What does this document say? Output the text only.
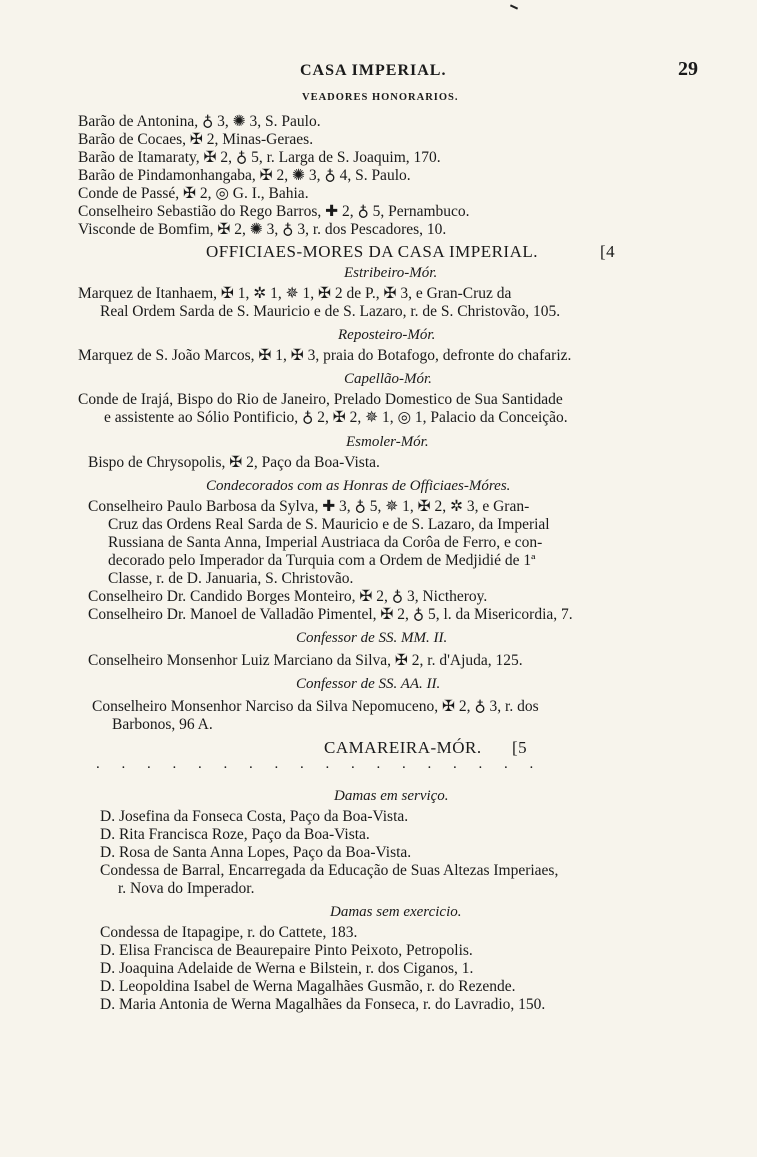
CASA IMPERIAL.	29
VEADORES HONORARIOS.
Barão de Antonina, ♁ 3, ✺ 3, S. Paulo.
Barão de Cocaes, ✠ 2, Minas-Geraes.
Barão de Itamaraty, ✠ 2, ♁ 5, r. Larga de S. Joaquim, 170.
Barão de Pindamonhangaba, ✠ 2, ✺ 3, ♁ 4, S. Paulo.
Conde de Passé, ✠ 2, ◎ G. I., Bahia.
Conselheiro Sebastião do Rego Barros, ✚ 2, ♁ 5, Pernambuco.
Visconde de Bomfim, ✠ 2, ✺ 3, ♁ 3, r. dos Pescadores, 10.
OFFICIAES-MORES DA CASA IMPERIAL.	[4
Estribeiro-Mór.
Marquez de Itanhaem, ✠ 1, ✲ 1, ✵ 1, ✠ 2 de P., ✠ 3, e Gran-Cruz da
Real Ordem Sarda de S. Mauricio e de S. Lazaro, r. de S. Christovão, 105.
Reposteiro-Mór.
Marquez de S. João Marcos, ✠ 1, ✠ 3, praia do Botafogo, defronte do chafariz.
Capellão-Mór.
Conde de Irajá, Bispo do Rio de Janeiro, Prelado Domestico de Sua Santidade
e assistente ao Sólio Pontificio, ♁ 2, ✠ 2, ✵ 1, ◎ 1, Palacio da Conceição.
Esmoler-Mór.
Bispo de Chrysopolis, ✠ 2, Paço da Boa-Vista.
Condecorados com as Honras de Officiaes-Móres.
Conselheiro Paulo Barbosa da Sylva, ✚ 3, ♁ 5, ✵ 1, ✠ 2, ✲ 3, e Gran-
Cruz das Ordens Real Sarda de S. Mauricio e de S. Lazaro, da Imperial
Russiana de Santa Anna, Imperial Austriaca da Corôa de Ferro, e con-
decorado pelo Imperador da Turquia com a Ordem de Medjidié de 1ª
Classe, r. de D. Januaria, S. Christovão.
Conselheiro Dr. Candido Borges Monteiro, ✠ 2, ♁ 3, Nictheroy.
Conselheiro Dr. Manoel de Valladão Pimentel, ✠ 2, ♁ 5, l. da Misericordia, 7.
Confessor de SS. MM. II.
Conselheiro Monsenhor Luiz Marciano da Silva, ✠ 2, r. d'Ajuda, 125.
Confessor de SS. AA. II.
Conselheiro Monsenhor Narciso da Silva Nepomuceno, ✠ 2, ♁ 3, r. dos
Barbonos, 96 A.
CAMAREIRA-MÓR. [5
. . . . . . . . . . . . . . . . . .
Damas em serviço.
D. Josefina da Fonseca Costa, Paço da Boa-Vista.
D. Rita Francisca Roze, Paço da Boa-Vista.
D. Rosa de Santa Anna Lopes, Paço da Boa-Vista.
Condessa de Barral, Encarregada da Educação de Suas Altezas Imperiaes,
r. Nova do Imperador.
Damas sem exercicio.
Condessa de Itapagipe, r. do Cattete, 183.
D. Elisa Francisca de Beaurepaire Pinto Peixoto, Petropolis.
D. Joaquina Adelaide de Werna e Bilstein, r. dos Ciganos, 1.
D. Leopoldina Isabel de Werna Magalhães Gusmão, r. do Rezende.
D. Maria Antonia de Werna Magalhães da Fonseca, r. do Lavradio, 150.
